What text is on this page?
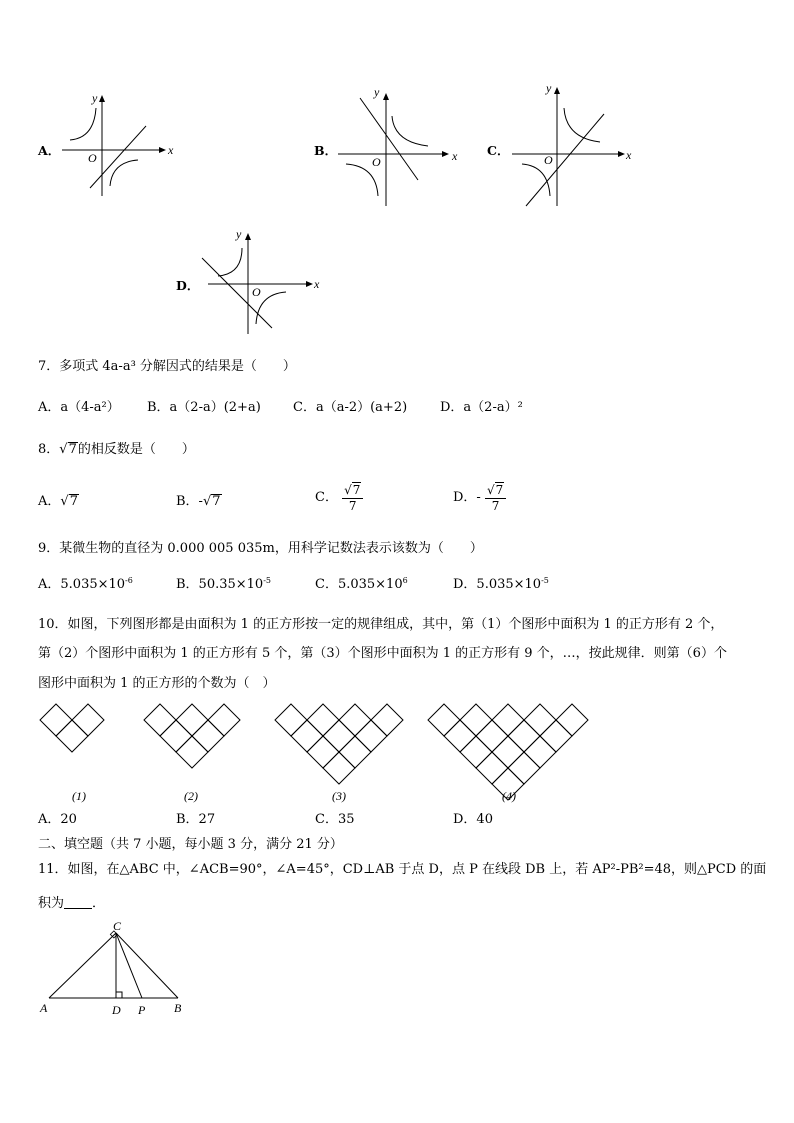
A．	x
y
O	B．	x
y
O
C．	x
y
O
D．	x
y
O
7．多项式 4a-a³ 分解因式的结果是（　　）
A．a（4-a²） B．a（2-a）(2+a) C．a（a-2）(a+2)	D．a（2-a）²
8．√7的相反数是（　　）
A．√7	B．-√7	C． $\frac{√7}{7}$	D．- $\frac{√7}{7}$
9．某微生物的直径为 0.000 005 035m，用科学记数法表示该数为（　　）
A．$5.035\times 10^{-6}$	B．$50.35\times 10^{-5}$	C．$5.035\times 10^6$	D．$5.035\times 10^{-5}$
10．如图，下列图形都是由面积为 1 的正方形按一定的规律组成，其中，第（1）个图形中面积为 1 的正方形有 2 个，
第（2）个图形中面积为 1 的正方形有 5 个，第（3）个图形中面积为 1 的正方形有 9 个，…，按此规律．则第（6）个
图形中面积为 1 的正方形的个数为（　）
(1)	(2)	(3)	(4)
A．20	B．27	C．35	D．40
二、填空题（共 7 小题，每小题 3 分，满分 21 分）
11．如图，在△ABC 中，∠ACB=90°，∠A=45°，CD⊥AB 于点 D，点 P 在线段 DB 上，若 AP²-PB²=48，则△PCD 的面
积为 ．
C
A	D P B
